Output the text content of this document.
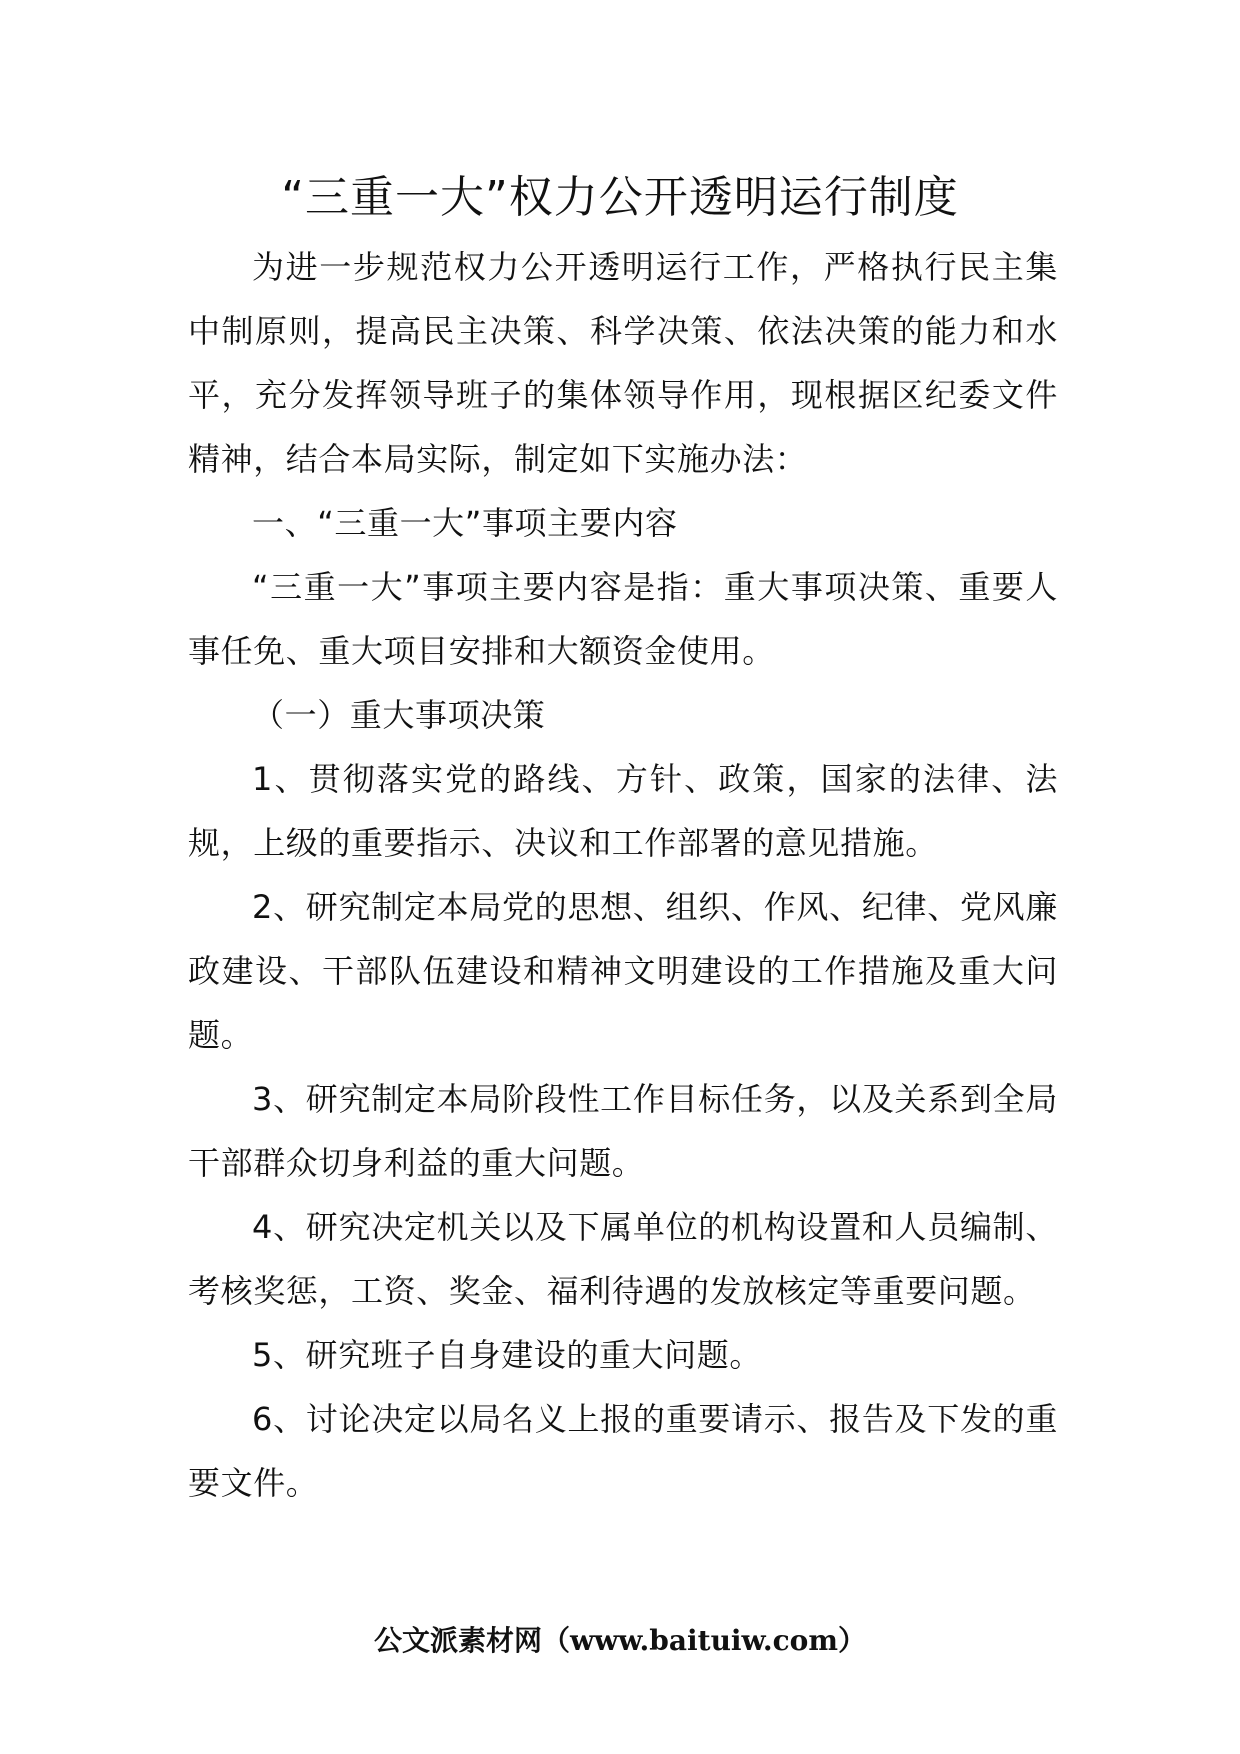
“三重一大”权力公开透明运行制度

为进一步规范权力公开透明运行工作，严格执行民主集中制原则，提高民主决策、科学决策、依法决策的能力和水平，充分发挥领导班子的集体领导作用，现根据区纪委文件精神，结合本局实际，制定如下实施办法：

一、“三重一大”事项主要内容

“三重一大”事项主要内容是指：重大事项决策、重要人事任免、重大项目安排和大额资金使用。

（一）重大事项决策

1、贯彻落实党的路线、方针、政策，国家的法律、法规，上级的重要指示、决议和工作部署的意见措施。

2、研究制定本局党的思想、组织、作风、纪律、党风廉政建设、干部队伍建设和精神文明建设的工作措施及重大问题。

3、研究制定本局阶段性工作目标任务，以及关系到全局干部群众切身利益的重大问题。

4、研究决定机关以及下属单位的机构设置和人员编制、考核奖惩，工资、奖金、福利待遇的发放核定等重要问题。

5、研究班子自身建设的重大问题。

6、讨论决定以局名义上报的重要请示、报告及下发的重要文件。

公文派素材网（www.baituiw.com）
